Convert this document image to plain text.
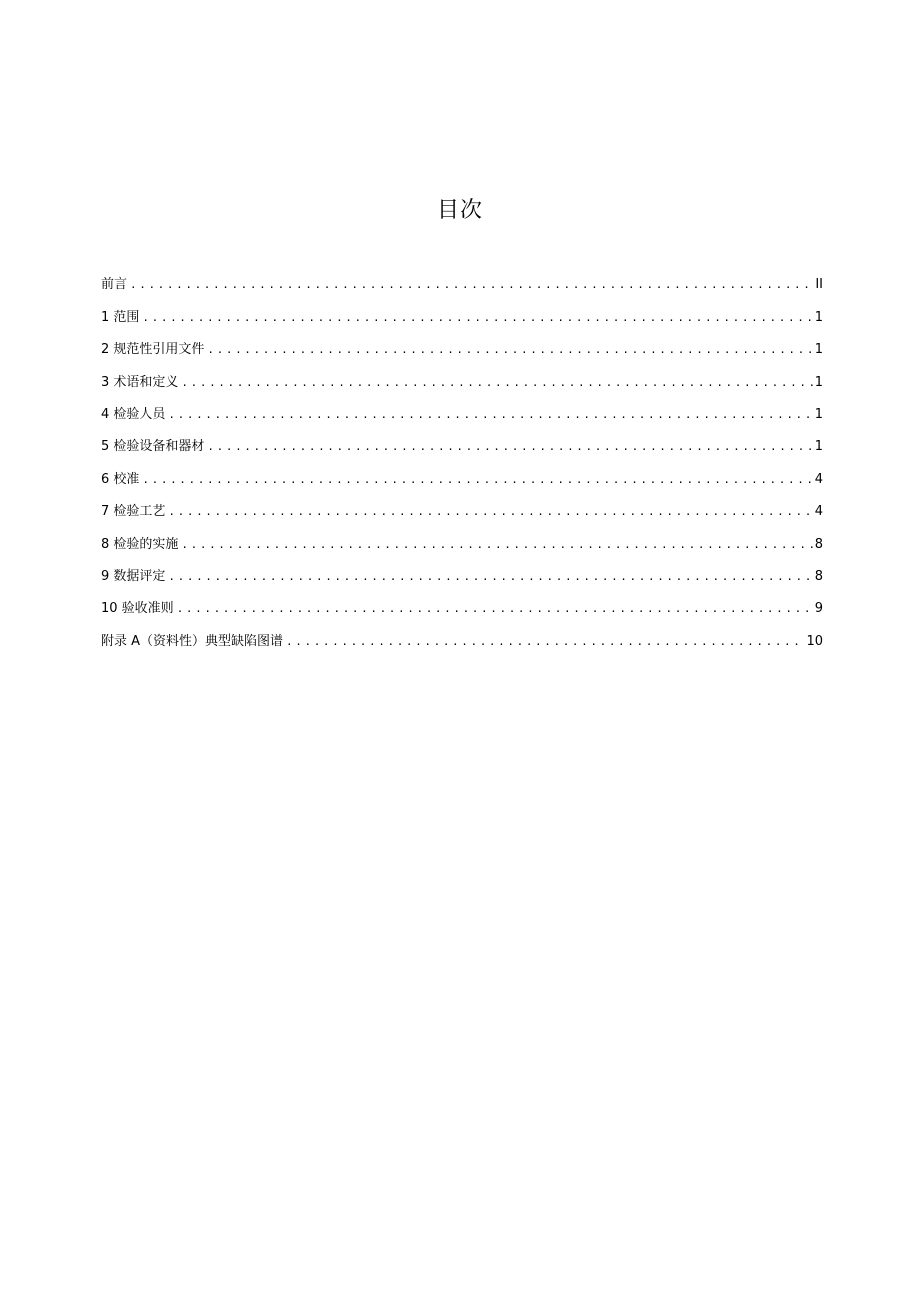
目次
前言 .....	II
1 范围 .....	1
2 规范性引用文件 .....	1
3 术语和定义 .....	1
4 检验人员 .....	1
5 检验设备和器材 .....	1
6 校准 .....	4
7 检验工艺 .....	4
8 检验的实施 .....	8
9 数据评定 .....	8
10 验收准则 .....	9
附录 A（资料性）典型缺陷图谱 .....	10
